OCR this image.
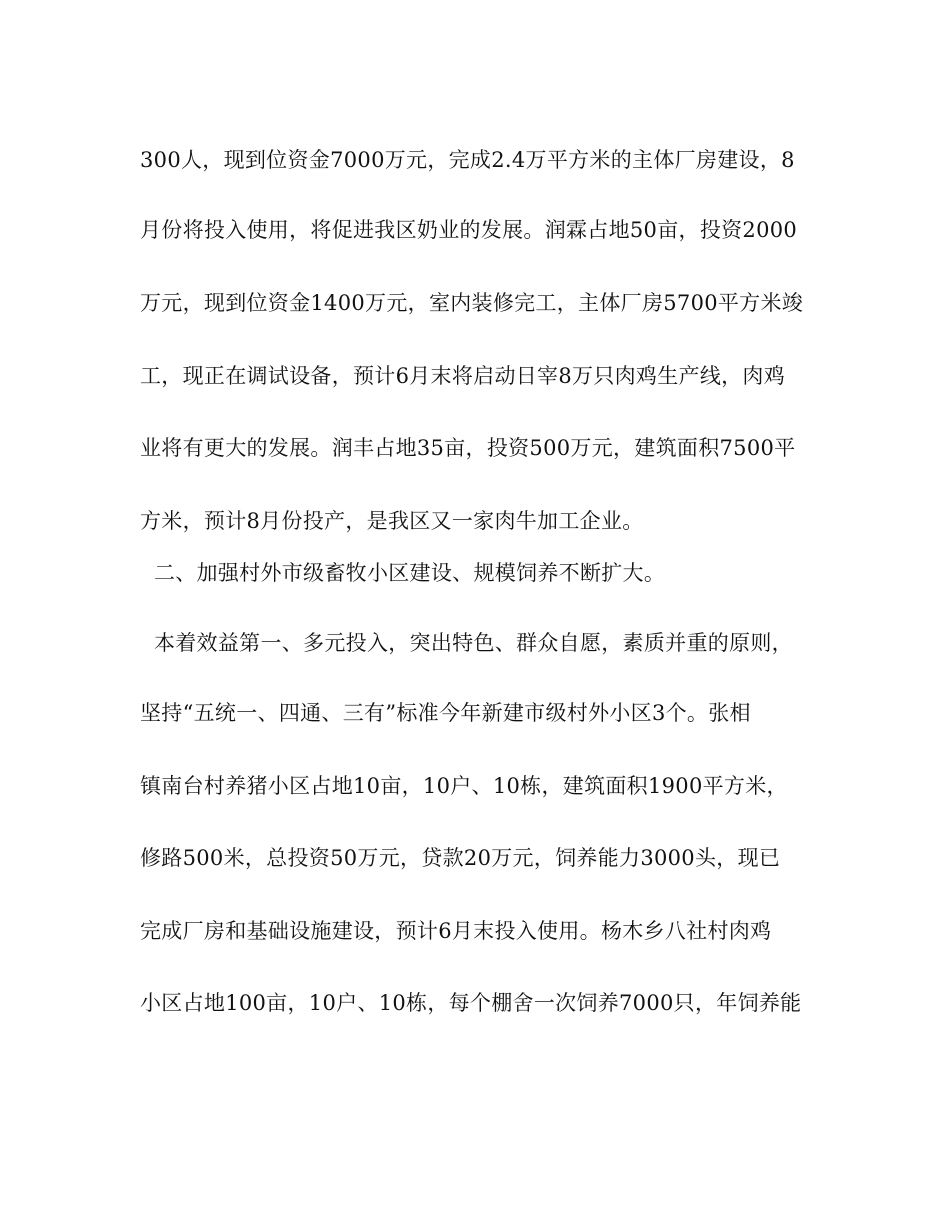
300人，现到位资金7000万元，完成2.4万平方米的主体厂房建设，8
月份将投入使用，将促进我区奶业的发展。润霖占地50亩，投资2000
万元，现到位资金1400万元，室内装修完工，主体厂房5700平方米竣
工，现正在调试设备，预计6月末将启动日宰8万只肉鸡生产线，肉鸡
业将有更大的发展。润丰占地35亩，投资500万元，建筑面积7500平
方米，预计8月份投产，是我区又一家肉牛加工企业。
二、加强村外市级畜牧小区建设、规模饲养不断扩大。
本着效益第一、多元投入，突出特色、群众自愿，素质并重的原则，
坚持“五统一、四通、三有”标准今年新建市级村外小区3个。张相
镇南台村养猪小区占地10亩，10户、10栋，建筑面积1900平方米，
修路500米，总投资50万元，贷款20万元，饲养能力3000头，现已
完成厂房和基础设施建设，预计6月末投入使用。杨木乡八社村肉鸡
小区占地100亩，10户、10栋，每个棚舍一次饲养7000只，年饲养能
